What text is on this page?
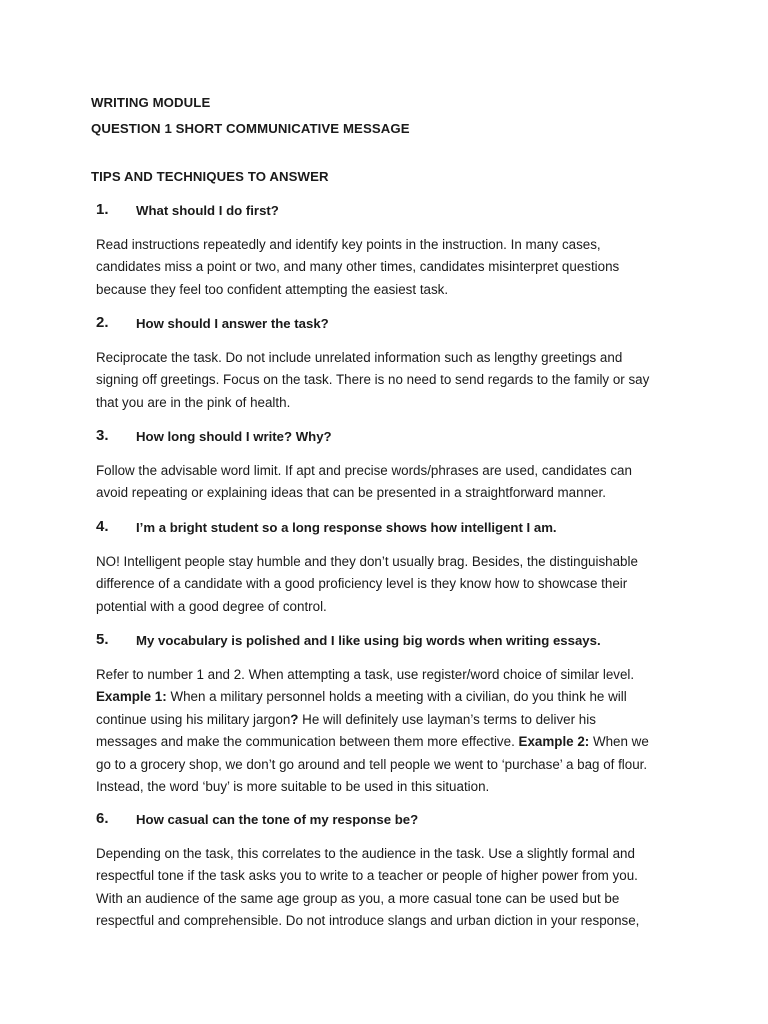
WRITING MODULE
QUESTION 1 SHORT COMMUNICATIVE MESSAGE
TIPS AND TECHNIQUES TO ANSWER
1. What should I do first?
Read instructions repeatedly and identify key points in the instruction. In many cases,
candidates miss a point or two, and many other times, candidates misinterpret questions
because they feel too confident attempting the easiest task.
2. How should I answer the task?
Reciprocate the task. Do not include unrelated information such as lengthy greetings and
signing off greetings. Focus on the task. There is no need to send regards to the family or say
that you are in the pink of health.
3. How long should I write? Why?
Follow the advisable word limit. If apt and precise words/phrases are used, candidates can
avoid repeating or explaining ideas that can be presented in a straightforward manner.
4. I’m a bright student so a long response shows how intelligent I am.
NO! Intelligent people stay humble and they don’t usually brag. Besides, the distinguishable
difference of a candidate with a good proficiency level is they know how to showcase their
potential with a good degree of control.
5. My vocabulary is polished and I like using big words when writing essays.
Refer to number 1 and 2. When attempting a task, use register/word choice of similar level.
Example 1: When a military personnel holds a meeting with a civilian, do you think he will
continue using his military jargon? He will definitely use layman’s terms to deliver his
messages and make the communication between them more effective. Example 2: When we
go to a grocery shop, we don’t go around and tell people we went to ‘purchase’ a bag of flour.
Instead, the word ‘buy’ is more suitable to be used in this situation.
6. How casual can the tone of my response be?
Depending on the task, this correlates to the audience in the task. Use a slightly formal and
respectful tone if the task asks you to write to a teacher or people of higher power from you.
With an audience of the same age group as you, a more casual tone can be used but be
respectful and comprehensible. Do not introduce slangs and urban diction in your response,
